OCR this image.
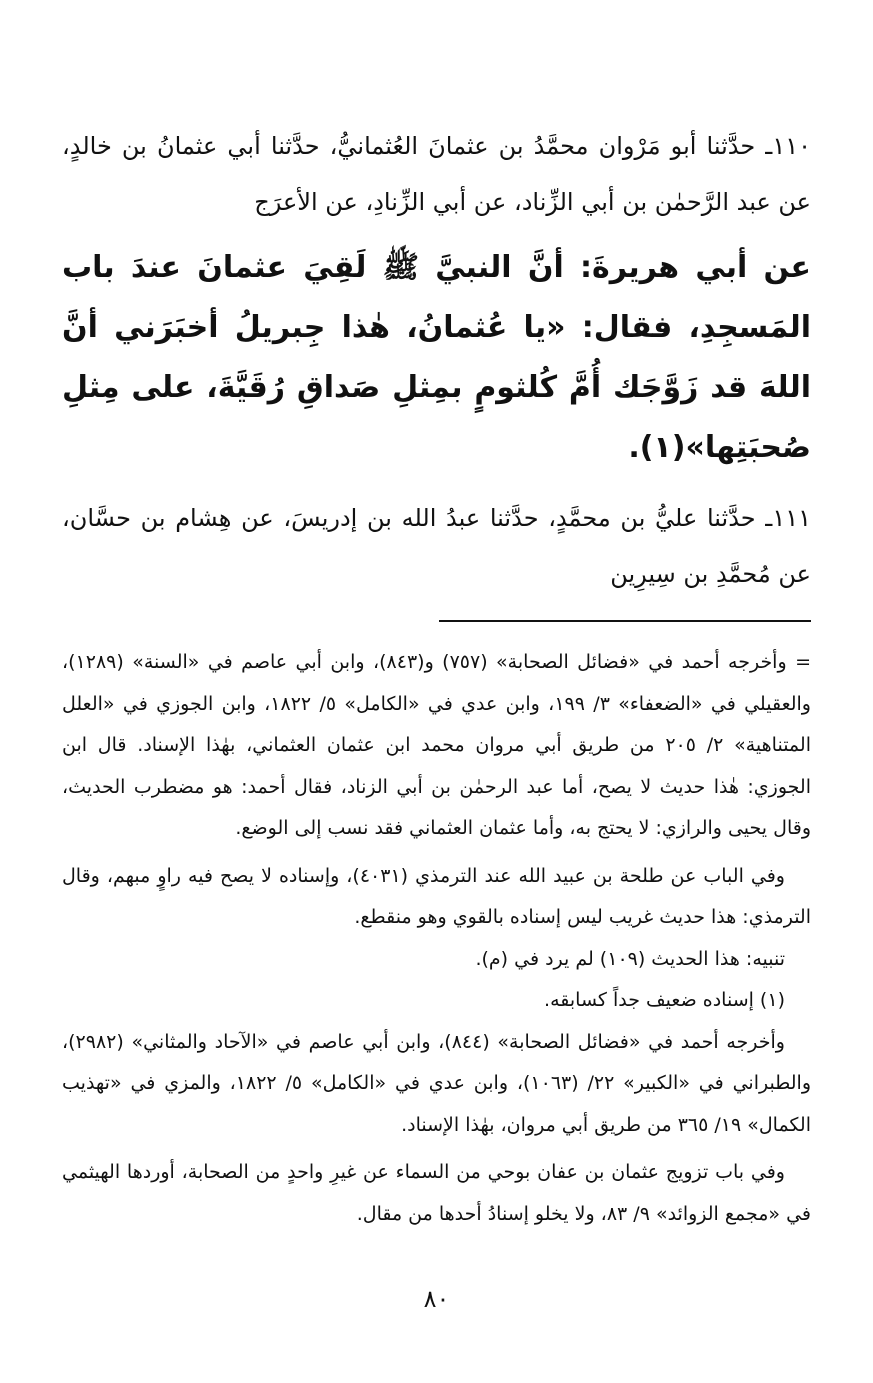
١١٠ـ حدَّثنا أبو مَرْوان محمَّدُ بن عثمانَ العُثمانيُّ، حدَّثنا أبي عثمانُ بن خالدٍ، عن عبد الرَّحمٰن بن أبي الزِّناد، عن أبي الزِّنادِ، عن الأعرَج

عن أبي هريرةَ: أنَّ النبيَّ ﷺ لَقِيَ عثمانَ عندَ باب المَسجِدِ، فقال: «يا عُثمانُ، هٰذا جِبريلُ أخبَرَني أنَّ اللهَ قد زَوَّجَك أُمَّ كُلثومٍ بمِثلِ صَداقِ رُقَيَّةَ، على مِثلِ صُحبَتِها»(١).

١١١ـ حدَّثنا عليُّ بن محمَّدٍ، حدَّثنا عبدُ الله بن إدريسَ، عن هِشام بن حسَّان، عن مُحمَّدِ بن سِيرِين

= وأخرجه أحمد في «فضائل الصحابة» (٧٥٧) و(٨٤٣)، وابن أبي عاصم في «السنة» (١٢٨٩)، والعقيلي في «الضعفاء» ٣/ ١٩٩، وابن عدي في «الكامل» ٥/ ١٨٢٢، وابن الجوزي في «العلل المتناهية» ٢/ ٢٠٥ من طريق أبي مروان محمد ابن عثمان العثماني، بهٰذا الإسناد. قال ابن الجوزي: هٰذا حديث لا يصح، أما عبد الرحمٰن بن أبي الزناد، فقال أحمد: هو مضطرب الحديث، وقال يحيى والرازي: لا يحتج به، وأما عثمان العثماني فقد نسب إلى الوضع.

وفي الباب عن طلحة بن عبيد الله عند الترمذي (٤٠٣١)، وإسناده لا يصح فيه راوٍ مبهم، وقال الترمذي: هذا حديث غريب ليس إسناده بالقوي وهو منقطع.

تنبيه: هذا الحديث (١٠٩) لم يرد في (م).

(١) إسناده ضعيف جداً كسابقه.

وأخرجه أحمد في «فضائل الصحابة» (٨٤٤)، وابن أبي عاصم في «الآحاد والمثاني» (٢٩٨٢)، والطبراني في «الكبير» ٢٢/ (١٠٦٣)، وابن عدي في «الكامل» ٥/ ١٨٢٢، والمزي في «تهذيب الكمال» ١٩/ ٣٦٥ من طريق أبي مروان، بهٰذا الإسناد.

وفي باب تزويج عثمان بن عفان بوحي من السماء عن غيرِ واحدٍ من الصحابة، أوردها الهيثمي في «مجمع الزوائد» ٩/ ٨٣، ولا يخلو إسنادُ أحدها من مقال.

٨٠
